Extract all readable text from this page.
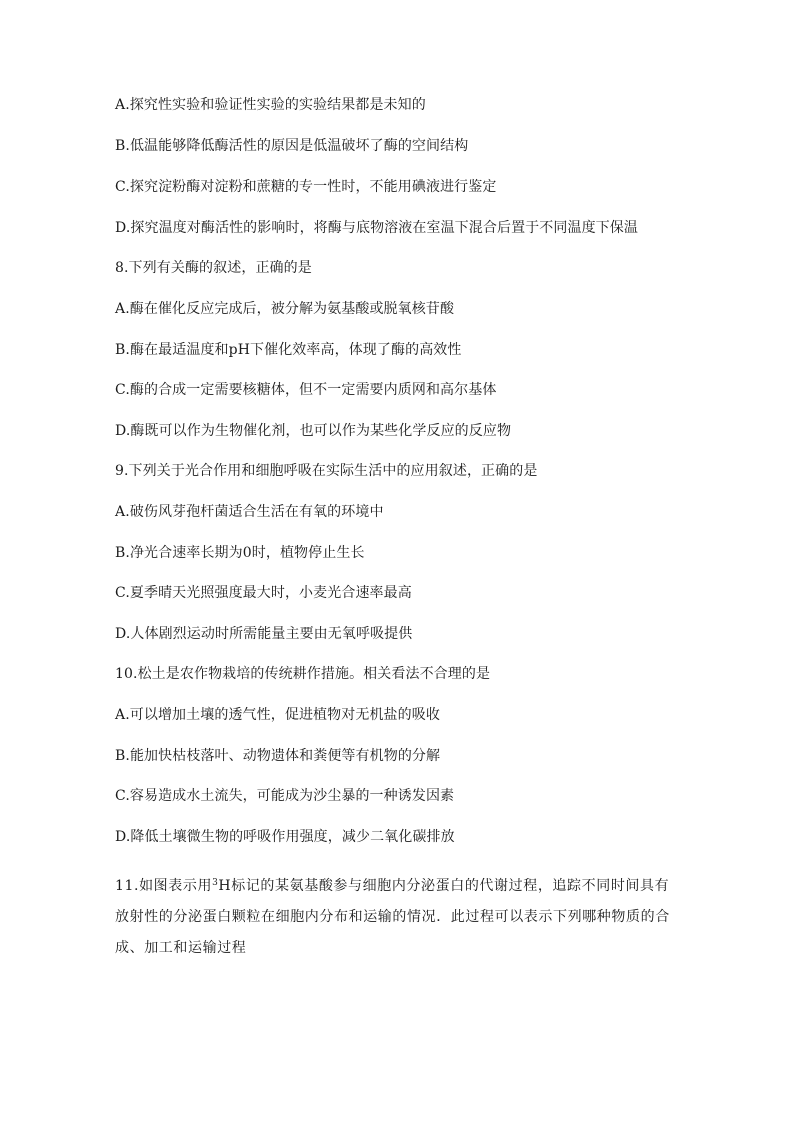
A.探究性实验和验证性实验的实验结果都是未知的
B.低温能够降低酶活性的原因是低温破坏了酶的空间结构
C.探究淀粉酶对淀粉和蔗糖的专一性时，不能用碘液进行鉴定
D.探究温度对酶活性的影响时，将酶与底物溶液在室温下混合后置于不同温度下保温
8.下列有关酶的叙述，正确的是
A.酶在催化反应完成后，被分解为氨基酸或脱氧核苷酸
B.酶在最适温度和pH下催化效率高，体现了酶的高效性
C.酶的合成一定需要核糖体，但不一定需要内质网和高尔基体
D.酶既可以作为生物催化剂，也可以作为某些化学反应的反应物
9.下列关于光合作用和细胞呼吸在实际生活中的应用叙述，正确的是
A.破伤风芽孢杆菌适合生活在有氧的环境中
B.净光合速率长期为0时，植物停止生长
C.夏季晴天光照强度最大时，小麦光合速率最高
D.人体剧烈运动时所需能量主要由无氧呼吸提供
10.松土是农作物栽培的传统耕作措施。相关看法不合理的是
A.可以增加土壤的透气性，促进植物对无机盐的吸收
B.能加快枯枝落叶、动物遗体和粪便等有机物的分解
C.容易造成水土流失，可能成为沙尘暴的一种诱发因素
D.降低土壤微生物的呼吸作用强度，减少二氧化碳排放
11.如图表示用$^3$H标记的某氨基酸参与细胞内分泌蛋白的代谢过程，追踪不同时间具有放射性的分泌蛋白颗粒在细胞内分布和运输的情况．此过程可以表示下列哪种物质的合成、加工和运输过程
